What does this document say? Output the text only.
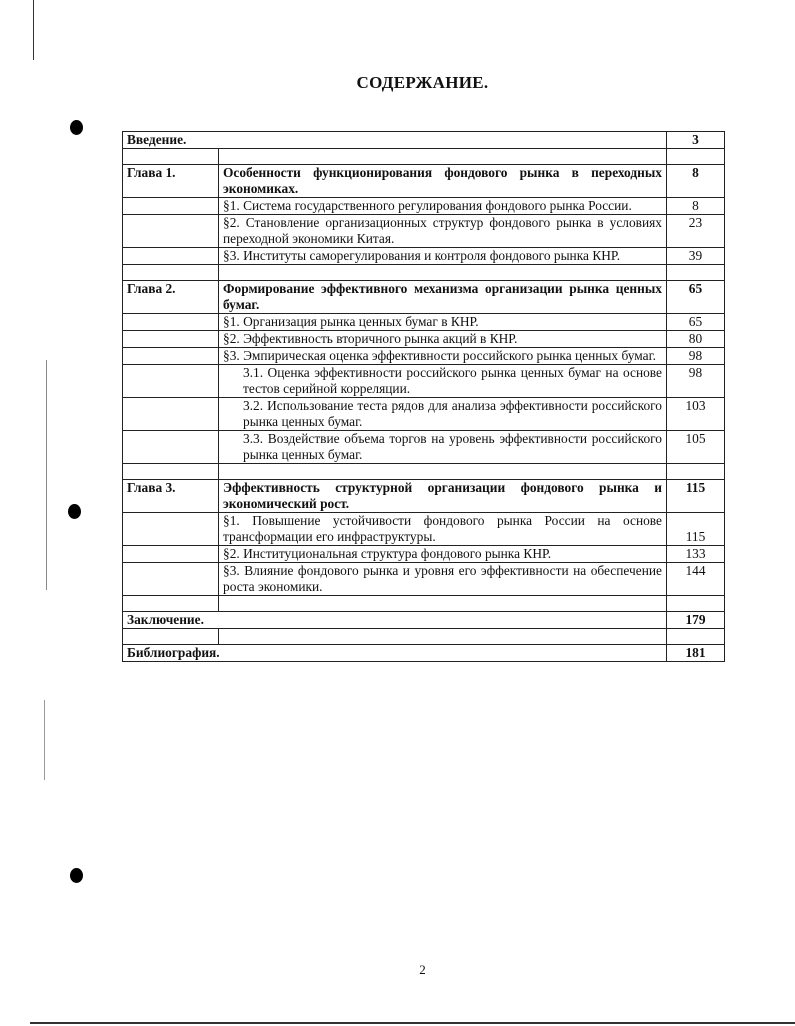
СОДЕРЖАНИЕ.
Введение.		3

Глава 1.	Особенности функционирования фондового рынка в переходных экономиках.	8
	§1. Система государственного регулирования фондового рынка России.	8
	§2. Становление организационных структур фондового рынка в условиях переходной экономики Китая.	23
	§3. Институты саморегулирования и контроля фондового рынка КНР.	39

Глава 2.	Формирование эффективного механизма организации рынка ценных бумаг.	65
	§1. Организация рынка ценных бумаг в КНР.	65
	§2. Эффективность вторичного рынка акций в КНР.	80
	§3. Эмпирическая оценка эффективности российского рынка ценных бумаг.	98
	3.1. Оценка эффективности российского рынка ценных бумаг на основе тестов серийной корреляции.	98
	3.2. Использование теста рядов для анализа эффективности российского рынка ценных бумаг.	103
	3.3. Воздействие объема торгов на уровень эффективности российского рынка ценных бумаг.	105

Глава 3.	Эффективность структурной организации фондового рынка и экономический рост.	115
	§1. Повышение устойчивости фондового рынка России на основе трансформации его инфраструктуры.	115
	§2. Институциональная структура фондового рынка КНР.	133
	§3. Влияние фондового рынка и уровня его эффективности на обеспечение роста экономики.	144

Заключение.		179

Библиография.		181
2
